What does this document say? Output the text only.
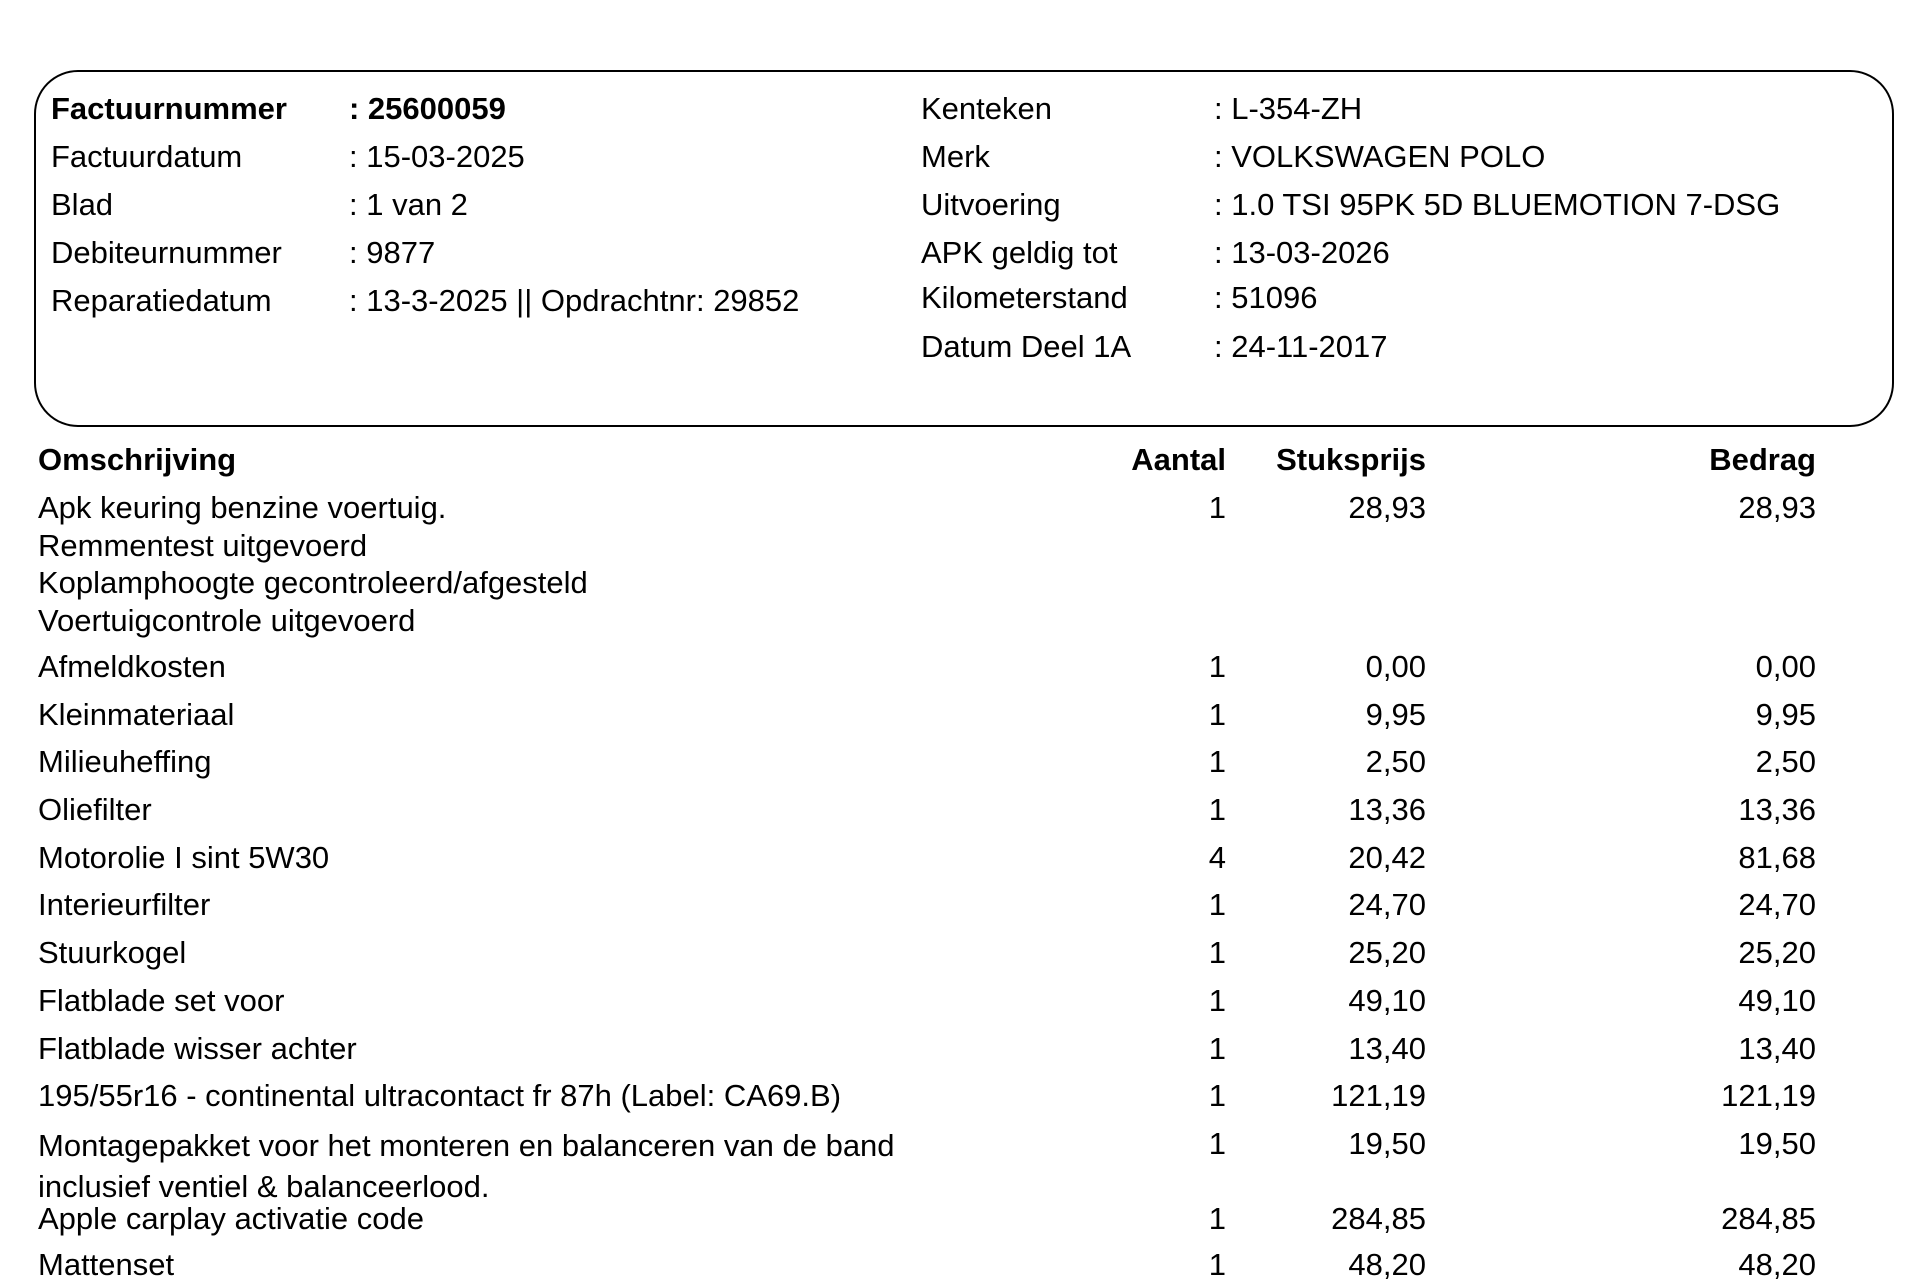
Factuurnummer : 25600059
Factuurdatum	: 15-03-2025
Blad	: 1 van 2
Debiteurnummer : 9877
Reparatiedatum : 13-3-2025 || Opdrachtnr: 29852
Kenteken	: L-354-ZH
Merk	: VOLKSWAGEN POLO
Uitvoering	: 1.0 TSI 95PK 5D BLUEMOTION 7-DSG
APK geldig tot	: 13-03-2026
Kilometerstand	: 51096
Datum Deel 1A	: 24-11-2017
Omschrijving	Aantal Stuksprijs	Bedrag
Apk keuring benzine voertuig.
Remmentest uitgevoerd
Koplamphoogte gecontroleerd/afgesteld
Voertuigcontrole uitgevoerd
1	28,93	28,93
Afmeldkosten	1	0,00	0,00
Kleinmateriaal	1	9,95	9,95
Milieuheffing	1	2,50	2,50
Oliefilter	1	13,36	13,36
Motorolie I sint 5W30	4	20,42	81,68
Interieurfilter	1	24,70	24,70
Stuurkogel	1	25,20	25,20
Flatblade set voor	1	49,10	49,10
Flatblade wisser achter	1	13,40	13,40
195/55r16 - continental ultracontact fr 87h (Label: CA69.B)	1	121,19	121,19
Montagepakket voor het monteren en balanceren van de band
inclusief ventiel & balanceerlood.
1	19,50	19,50
Apple carplay activatie code	1	284,85	284,85
Mattenset	1	48,20	48,20
